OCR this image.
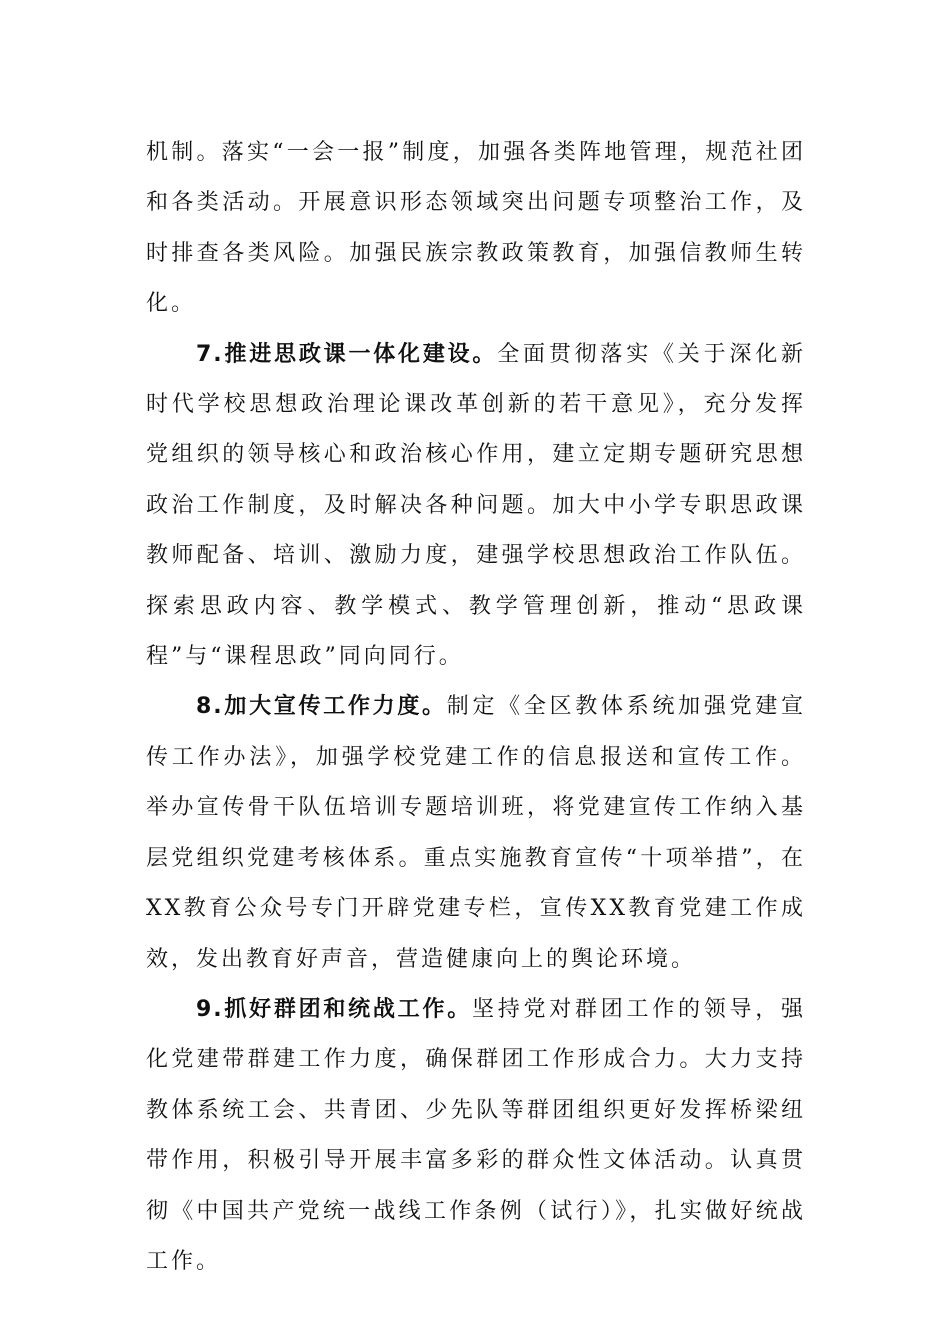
机制。落实“一会一报”制度，加强各类阵地管理，规范社团和各类活动。开展意识形态领域突出问题专项整治工作，及时排查各类风险。加强民族宗教政策教育，加强信教师生转化。

7.推进思政课一体化建设。全面贯彻落实《关于深化新时代学校思想政治理论课改革创新的若干意见》，充分发挥党组织的领导核心和政治核心作用，建立定期专题研究思想政治工作制度，及时解决各种问题。加大中小学专职思政课教师配备、培训、激励力度，建强学校思想政治工作队伍。探索思政内容、教学模式、教学管理创新，推动“思政课程”与“课程思政”同向同行。

8.加大宣传工作力度。制定《全区教体系统加强党建宣传工作办法》，加强学校党建工作的信息报送和宣传工作。举办宣传骨干队伍培训专题培训班，将党建宣传工作纳入基层党组织党建考核体系。重点实施教育宣传“十项举措”，在XX教育公众号专门开辟党建专栏，宣传XX教育党建工作成效，发出教育好声音，营造健康向上的舆论环境。

9.抓好群团和统战工作。坚持党对群团工作的领导，强化党建带群建工作力度，确保群团工作形成合力。大力支持教体系统工会、共青团、少先队等群团组织更好发挥桥梁纽带作用，积极引导开展丰富多彩的群众性文体活动。认真贯彻《中国共产党统一战线工作条例（试行）》，扎实做好统战工作。
